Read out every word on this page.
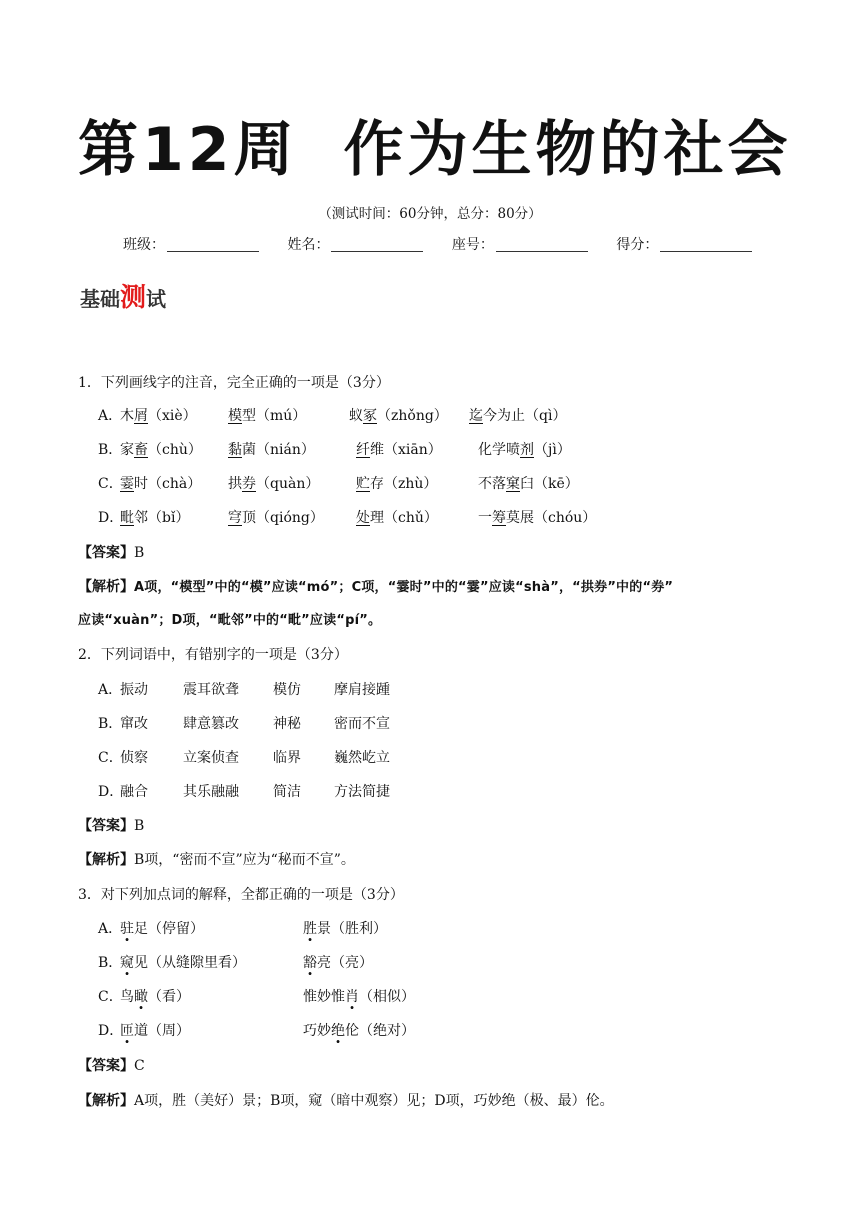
第12周 作为生物的社会
（测试时间：60分钟，总分：80分）
班级：	姓名：	座号：	得分：
基础测试
1．下列画线字的注音，完全正确的一项是（3分）
A．
木屑（xiè） 模型（mú）	蚁冢（zhǒng） 迄今为止（qì）
B．
家畜（chù） 黏菌（nián）	纤维（xiān）	化学喷剂（jì）
C．
霎时（chà） 拱券（quàn）	贮存（zhù）	不落窠臼（kē）
D．
毗邻（bǐ）	穹顶（qióng） 处理（chǔ）	一筹莫展（chóu）
【答案】B
【解析】A项，“模型”中的“模”应读“mó”；C项，“霎时”中的“霎”应读“shà”，“拱券”中的“券”
应读“xuàn”；D项，“毗邻”中的“毗”应读“pí”。
2．下列词语中，有错别字的一项是（3分）
A．
振动	震耳欲聋 模仿 摩肩接踵
B．
窜改	肆意篡改 神秘 密而不宣
C．
侦察	立案侦查 临界 巍然屹立
D．
融合	其乐融融 简洁 方法简捷
【答案】B
【解析】B项，“密而不宣”应为“秘而不宣”。
3．对下列加点词的解释，全都正确的一项是（3分）
A．
驻足（停留）	胜景（胜利）
B．
窥见（从缝隙里看）	豁亮（亮）
C．
鸟瞰（看）	惟妙惟肖（相似）
D．
匝道（周）	巧妙绝伦（绝对）
【答案】C
【解析】A项，胜（美好）景；B项，窥（暗中观察）见；D项，巧妙绝（极、最）伦。
